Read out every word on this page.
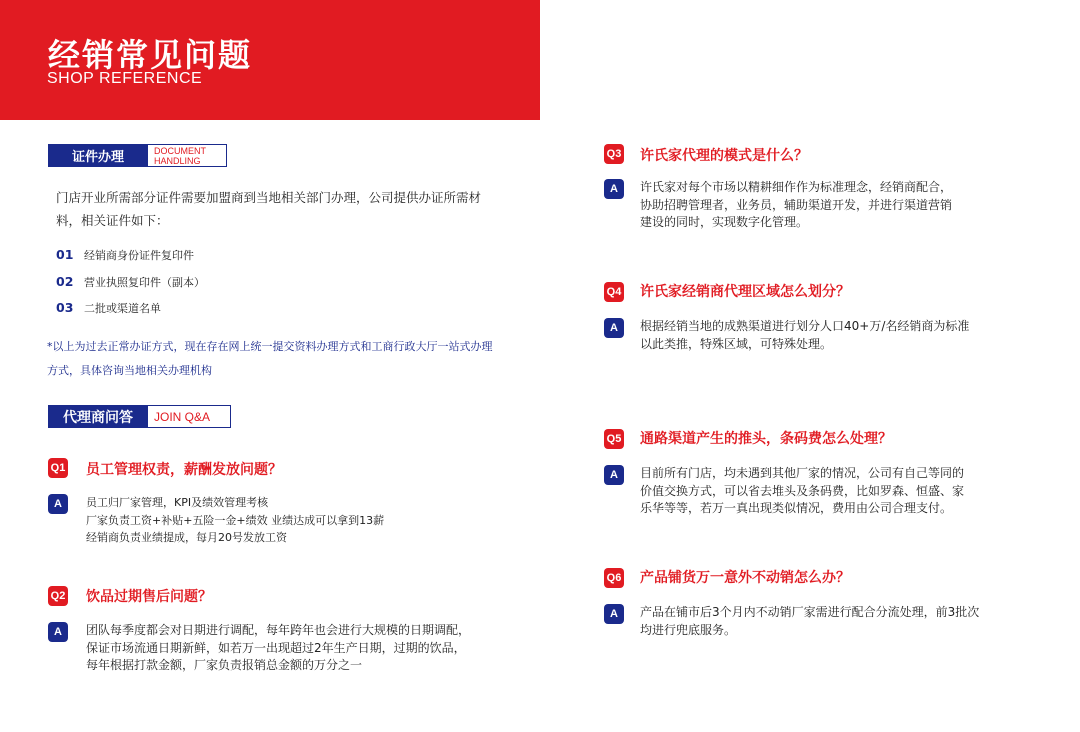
经销常见问题
SHOP REFERENCE
证件办理	DOCUMENT
HANDLING
门店开业所需部分证件需要加盟商到当地相关部门办理，公司提供办证所需材
料，相关证件如下：
01 经销商身份证件复印件
02 营业执照复印件（副本）
03 二批或渠道名单
*以上为过去正常办证方式，现在存在网上统一提交资料办理方式和工商行政大厅一站式办理
方式，具体咨询当地相关办理机构
代理商问答	JOIN Q&A
Q1 员工管理权责，薪酬发放问题？
A	员工归厂家管理，KPI及绩效管理考核
厂家负责工资+补贴+五险一金+绩效 业绩达成可以拿到13薪
经销商负责业绩提成，每月20号发放工资
Q2 饮品过期售后问题？
A	团队每季度都会对日期进行调配，每年跨年也会进行大规模的日期调配，
保证市场流通日期新鲜，如若万一出现超过2年生产日期，过期的饮品，
每年根据打款金额，厂家负责报销总金额的万分之一
Q3 许氏家代理的模式是什么？
A	许氏家对每个市场以精耕细作作为标准理念，经销商配合，
协助招聘管理者，业务员，辅助渠道开发，并进行渠道营销
建设的同时，实现数字化管理。
Q4 许氏家经销商代理区域怎么划分？
A	根据经销当地的成熟渠道进行划分人口40+万/名经销商为标准
以此类推，特殊区域，可特殊处理。
Q5 通路渠道产生的推头，条码费怎么处理？
A	目前所有门店，均未遇到其他厂家的情况，公司有自己等同的
价值交换方式，可以省去堆头及条码费，比如罗森、恒盛、家
乐华等等，若万一真出现类似情况，费用由公司合理支付。
Q6 产品铺货万一意外不动销怎么办？
A	产品在铺市后3个月内不动销厂家需进行配合分流处理，前3批次
均进行兜底服务。
